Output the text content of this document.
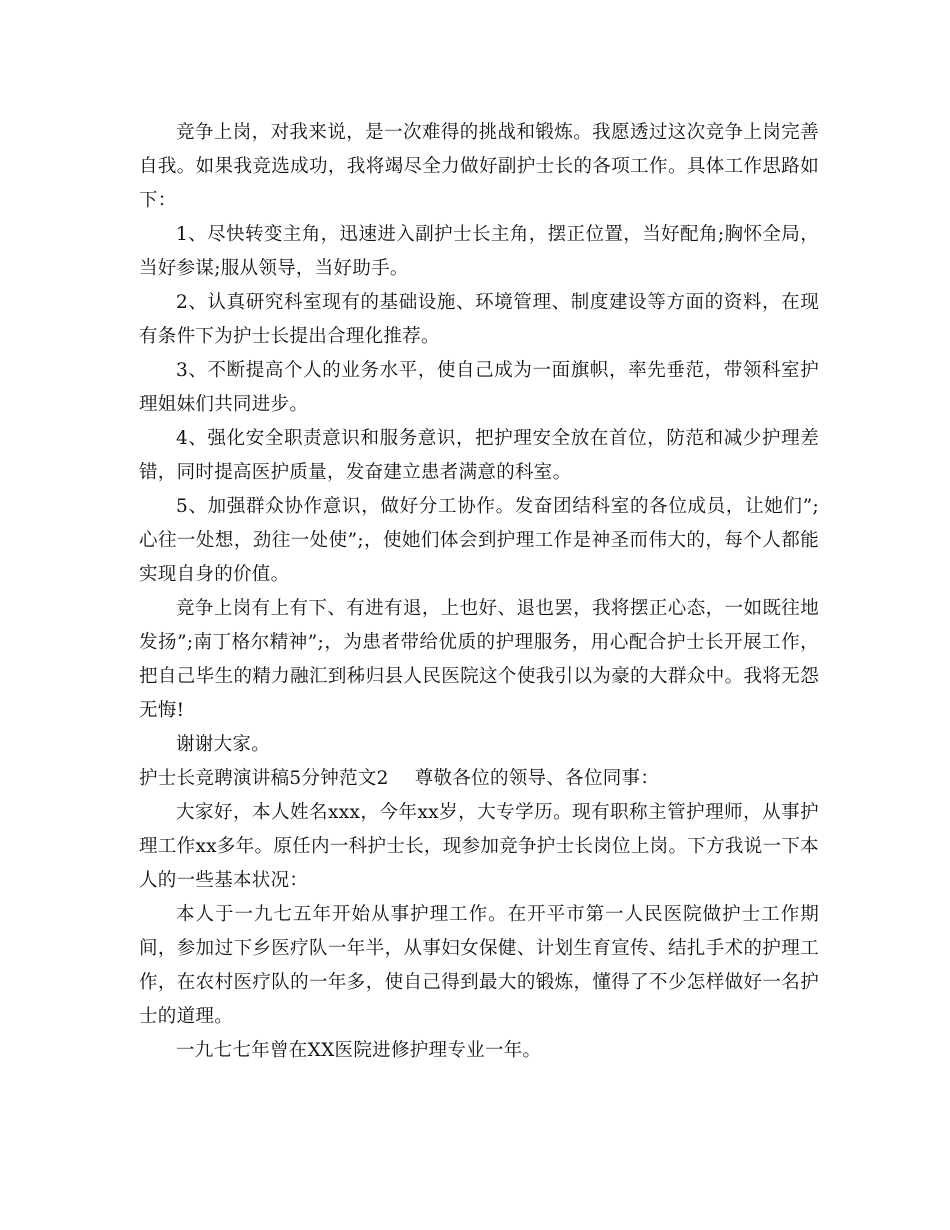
竞争上岗，对我来说，是一次难得的挑战和锻炼。我愿透过这次竞争上岗完善自我。如果我竞选成功，我将竭尽全力做好副护士长的各项工作。具体工作思路如下：

1、尽快转变主角，迅速进入副护士长主角，摆正位置，当好配角;胸怀全局，当好参谋;服从领导，当好助手。

2、认真研究科室现有的基础设施、环境管理、制度建设等方面的资料，在现有条件下为护士长提出合理化推荐。

3、不断提高个人的业务水平，使自己成为一面旗帜，率先垂范，带领科室护理姐妹们共同进步。

4、强化安全职责意识和服务意识，把护理安全放在首位，防范和减少护理差错，同时提高医护质量，发奋建立患者满意的科室。

5、加强群众协作意识，做好分工协作。发奋团结科室的各位成员，让她们”;心往一处想，劲往一处使”;，使她们体会到护理工作是神圣而伟大的，每个人都能实现自身的价值。

竞争上岗有上有下、有进有退，上也好、退也罢，我将摆正心态，一如既往地发扬”;南丁格尔精神”;，为患者带给优质的护理服务，用心配合护士长开展工作，把自己毕生的精力融汇到秭归县人民医院这个使我引以为豪的大群众中。我将无怨无悔!

谢谢大家。

护士长竞聘演讲稿5分钟范文2 尊敬各位的领导、各位同事：

大家好，本人姓名xxx，今年xx岁，大专学历。现有职称主管护理师，从事护理工作xx多年。原任内一科护士长，现参加竞争护士长岗位上岗。下方我说一下本人的一些基本状况：

本人于一九七五年开始从事护理工作。在开平市第一人民医院做护士工作期间，参加过下乡医疗队一年半，从事妇女保健、计划生育宣传、结扎手术的护理工作，在农村医疗队的一年多，使自己得到最大的锻炼，懂得了不少怎样做好一名护士的道理。

一九七七年曾在XX医院进修护理专业一年。
